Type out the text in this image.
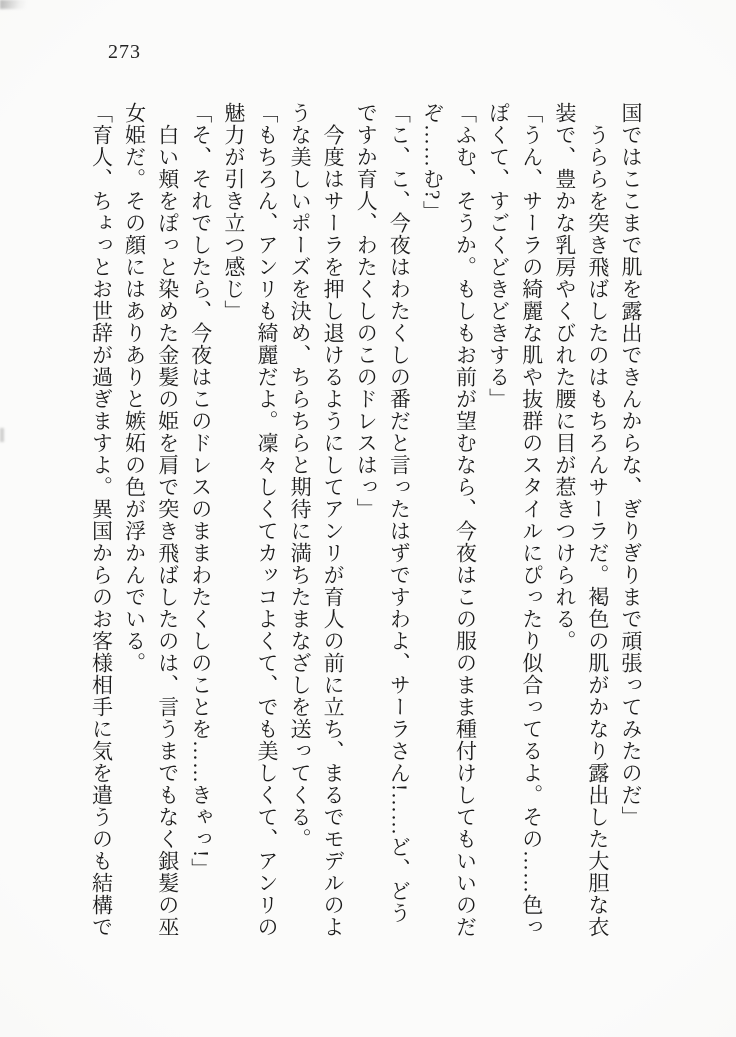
273
国ではここまで肌を露出できんからな、ぎりぎりまで頑張ってみたのだ」
うららを突き飛ばしたのはもちろんサーラだ。褐色の肌がかなり露出した大胆な衣
装で、豊かな乳房やくびれた腰に目が惹きつけられる。
「うん、サーラの綺麗な肌や抜群のスタイルにぴったり似合ってるよ。その……色っ
ぽくて、すごくどきどきする」
「ふむ、そうか。もしもお前が望むなら、今夜はこの服のまま種付けしてもいいのだ
ぞ……む?」
「こ、こ、今夜はわたくしの番だと言ったはずですわよ、サーラさん!……ど、どう
ですか育人、わたくしのこのドレスはっ」
今度はサーラを押し退けるようにしてアンリが育人の前に立ち、まるでモデルのよ
うな美しいポーズを決め、ちらちらと期待に満ちたまなざしを送ってくる。
「もちろん、アンリも綺麗だよ。凜々しくてカッコよくて、でも美しくて、アンリの
魅力が引き立つ感じ」
「そ、それでしたら、今夜はこのドレスのままわたくしのことを……きゃっ!」
白い頬をぽっと染めた金髪の姫を肩で突き飛ばしたのは、言うまでもなく銀髪の巫
女姫だ。その顔にはありありと嫉妬の色が浮かんでいる。
「育人、ちょっとお世辞が過ぎますよ。異国からのお客様相手に気を遣うのも結構で
